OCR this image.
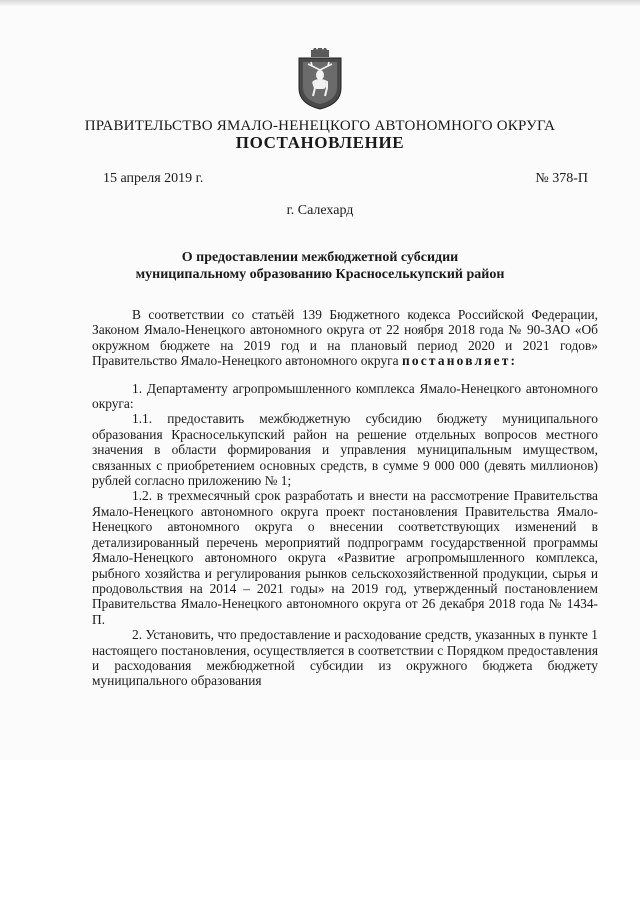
ПРАВИТЕЛЬСТВО ЯМАЛО-НЕНЕЦКОГО АВТОНОМНОГО ОКРУГА
ПОСТАНОВЛЕНИЕ
15 апреля 2019 г.	№ 378-П
г. Салехард
О предоставлении межбюджетной субсидии
муниципальному образованию Красноселькупский район

В соответствии со статьёй 139 Бюджетного кодекса Российской Федерации, Законом Ямало-Ненецкого автономного округа от 22 ноября 2018 года № 90-ЗАО «Об окружном бюджете на 2019 год и на плановый период 2020 и 2021 годов» Правительство Ямало-Ненецкого автономного округа постановляет:

1. Департаменту агропромышленного комплекса Ямало-Ненецкого автономного округа:

1.1. предоставить межбюджетную субсидию бюджету муниципального образования Красноселькупский район на решение отдельных вопросов местного значения в области формирования и управления муниципальным имуществом, связанных с приобретением основных средств, в сумме 9 000 000 (девять миллионов) рублей согласно приложению № 1;

1.2. в трехмесячный срок разработать и внести на рассмотрение Правительства Ямало-Ненецкого автономного округа проект постановления Правительства Ямало-Ненецкого автономного округа о внесении соответствующих изменений в детализированный перечень мероприятий подпрограмм государственной программы Ямало-Ненецкого автономного округа «Развитие агропромышленного комплекса, рыбного хозяйства и регулирования рынков сельскохозяйственной продукции, сырья и продовольствия на 2014 – 2021 годы» на 2019 год, утвержденный постановлением Правительства Ямало-Ненецкого автономного округа от 26 декабря 2018 года № 1434-П.

2. Установить, что предоставление и расходование средств, указанных в пункте 1 настоящего постановления, осуществляется в соответствии с Порядком предоставления и расходования межбюджетной субсидии из окружного бюджета бюджету муниципального образования
